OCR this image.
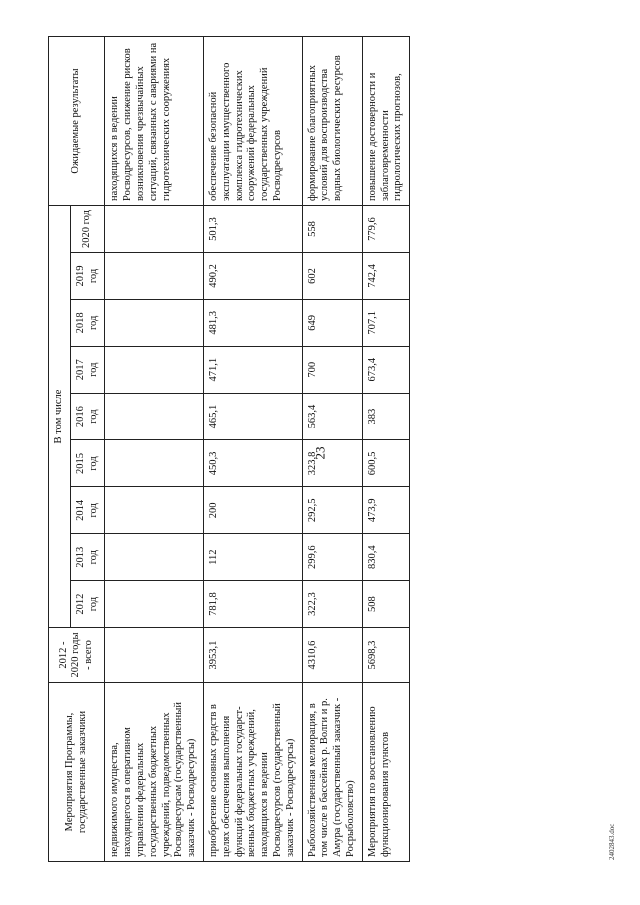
23
2402843.doc
Мероприятия Программы, государственные заказчики	2012 - 2020 годы - всего	В том числе									Ожидаемые результаты
		2012 год	2013 год	2014 год	2015 год	2016 год	2017 год	2018 год	2019 год	2020 год	
недвижимого имущества, находящегося в оперативном управлении федеральных государственных бюджетных учреждений, подведомственных Росводресурсам (государственный заказчик - Росводресурсы)											находящихся в ведении Росводресурсов, снижение рисков возникновения чрезвычайных ситуаций, связанных с авариями на гидротехнических сооружениях
приобретение основных средств в целях обеспечения выполнения функций федеральных государст-венных бюджетных учреждений, находящихся в ведении Росводресурсов (государственный заказчик - Росводресурсы)	3953,1	781,8	112	200	450,3	465,1	471,1	481,3	490,2	501,3	обеспечение безопасной эксплуатации имущественного комплекса гидротехнических сооружений федеральных государственных учреждений Росводресурсов
Рыбохозяйственная мелиорация, в том числе в бассейнах р. Волги и р. Амура (государственный заказчик - Росрыболовство)	4310,6	322,3	299,6	292,5	323,8	563,4	700	649	602	558	формирование благоприятных условий для воспроизводства водных биологических ресурсов
Мероприятия по восстановлению функционирования пунктов	5698,3	508	830,4	473,9	600,5	383	673,4	707,1	742,4	779,6	повышение достоверности и заблаговременности гидрологических прогнозов,
